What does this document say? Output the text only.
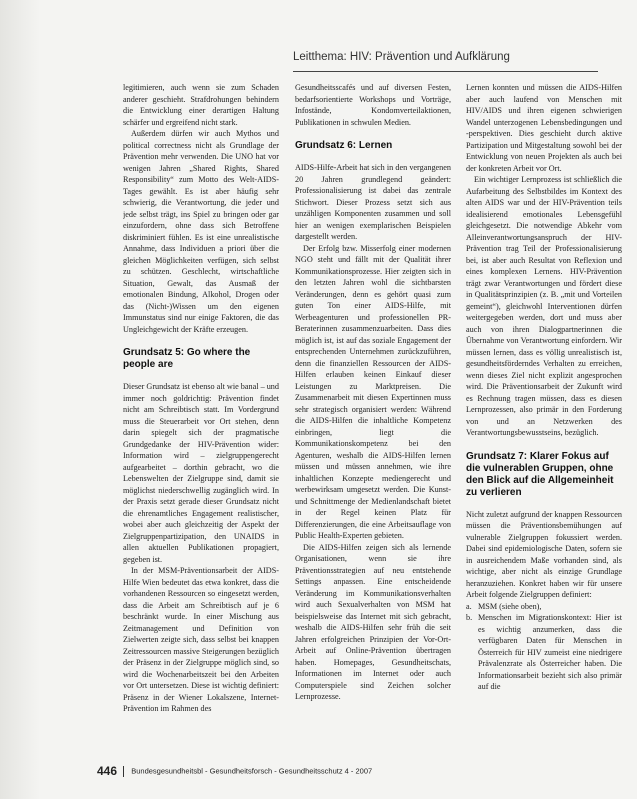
Leitthema: HIV: Prävention und Aufklärung

legitimieren, auch wenn sie zum Schaden anderer geschieht. Strafdrohungen behindern die Entwicklung einer derartigen Haltung schärfer und ergreifend nicht stark.

Außerdem dürfen wir auch Mythos und political correctness nicht als Grundlage der Prävention mehr verwenden. Die UNO hat vor wenigen Jahren „Shared Rights, Shared Responsibility“ zum Motto des Welt-AIDS-Tages gewählt. Es ist aber häufig sehr schwierig, die Verantwortung, die jeder und jede selbst trägt, ins Spiel zu bringen oder gar einzufordern, ohne dass sich Betroffene diskriminiert fühlen. Es ist eine unrealistische Annahme, dass Individuen a priori über die gleichen Möglichkeiten verfügen, sich selbst zu schützen. Geschlecht, wirtschaftliche Situation, Gewalt, das Ausmaß der emotionalen Bindung, Alkohol, Drogen oder das (Nicht-)Wissen um den eigenen Immunstatus sind nur einige Faktoren, die das Ungleichgewicht der Kräfte erzeugen.

Grundsatz 5: Go where the people are

Dieser Grundsatz ist ebenso alt wie banal – und immer noch goldrichtig: Prävention findet nicht am Schreibtisch statt. Im Vordergrund muss die Steuerarbeit vor Ort stehen, denn darin spiegelt sich der pragmatische Grundgedanke der HIV-Prävention wider: Information wird – zielgruppengerecht aufgearbeitet – dorthin gebracht, wo die Lebenswelten der Zielgruppe sind, damit sie möglichst niederschwellig zugänglich wird. In der Praxis setzt gerade dieser Grundsatz nicht die ehrenamtliches Engagement realistischer, wobei aber auch gleichzeitig der Aspekt der Zielgruppenpartizipation, den UNAIDS in allen aktuellen Publikationen propagiert, gegeben ist.

In der MSM-Präventionsarbeit der AIDS-Hilfe Wien bedeutet das etwa konkret, dass die vorhandenen Ressourcen so eingesetzt werden, dass die Arbeit am Schreibtisch auf je 6 beschränkt wurde. In einer Mischung aus Zeitmanagement und Definition von Zielwerten zeigte sich, dass selbst bei knappen Zeitressourcen massive Steigerungen bezüglich der Präsenz in der Zielgruppe möglich sind, so wird die Wochenarbeitszeit bei den Arbeiten vor Ort untersetzen. Diese ist wichtig definiert: Präsenz in der Wiener Lokalszene, Internet-Prävention im Rahmen des

Gesundheitsscafés und auf diversen Festen, bedarfsorientierte Workshops und Vorträge, Infostände, Kondomverteilaktionen, Publikationen in schwulen Medien.

Grundsatz 6: Lernen

AIDS-Hilfe-Arbeit hat sich in den vergangenen 20 Jahren grundlegend geändert: Professionalisierung ist dabei das zentrale Stichwort. Dieser Prozess setzt sich aus unzähligen Komponenten zusammen und soll hier an wenigen exemplarischen Beispielen dargestellt werden.

Der Erfolg bzw. Misserfolg einer modernen NGO steht und fällt mit der Qualität ihrer Kommunikationsprozesse. Hier zeigten sich in den letzten Jahren wohl die sichtbarsten Veränderungen, denn es gehört quasi zum guten Ton einer AIDS-Hilfe, mit Werbeagenturen und professionellen PR-Beraterinnen zusammenzuarbeiten. Dass dies möglich ist, ist auf das soziale Engagement der entsprechenden Unternehmen zurückzuführen, denn die finanziellen Ressourcen der AIDS-Hilfen erlauben keinen Einkauf dieser Leistungen zu Marktpreisen. Die Zusammenarbeit mit diesen Expertinnen muss sehr strategisch organisiert werden: Während die AIDS-Hilfen die inhaltliche Kompetenz einbringen, liegt die Kommunikationskompetenz bei den Agenturen, weshalb die AIDS-Hilfen lernen müssen und müssen annehmen, wie ihre inhaltlichen Konzepte mediengerecht und werbewirksam umgesetzt werden. Die Kunst- und Schnittmenge der Medienlandschaft bietet in der Regel keinen Platz für Differenzierungen, die eine Arbeitsauflage von Public Health-Experten gebieten.

Die AIDS-Hilfen zeigen sich als lernende Organisationen, wenn sie ihre Präventionsstrategien auf neu entstehende Settings anpassen. Eine entscheidende Veränderung im Kommunikationsverhalten wird auch Sexualverhalten von MSM hat beispielsweise das Internet mit sich gebracht, weshalb die AIDS-Hilfen sehr früh die seit Jahren erfolgreichen Prinzipien der Vor-Ort-Arbeit auf Online-Prävention übertragen haben. Homepages, Gesundheitschats, Informationen im Internet oder auch Computerspiele sind Zeichen solcher Lernprozesse.

Lernen konnten und müssen die AIDS-Hilfen aber auch laufend von Menschen mit HIV/AIDS und ihren eigenen schwierigen Wandel unterzogenen Lebensbedingungen und -perspektiven. Dies geschieht durch aktive Partizipation und Mitgestaltung sowohl bei der Entwicklung von neuen Projekten als auch bei der konkreten Arbeit vor Ort.

Ein wichtiger Lernprozess ist schließlich die Aufarbeitung des Selbstbildes im Kontext des alten AIDS war und der HIV-Prävention teils idealisierend emotionales Lebensgefühl gleichgesetzt. Die notwendige Abkehr vom Alleinverantwortungsanspruch der HIV-Prävention trag Teil der Professionalisierung bei, ist aber auch Resultat von Reflexion und eines komplexen Lernens. HIV-Prävention trägt zwar Verantwortungen und fördert diese in Qualitätsprinzipien (z. B. „mit und Vorteilen gemeint“), gleichwohl Interventionen dürfen weitergegeben werden, dort und muss aber auch von ihren Dialogpartnerinnen die Übernahme von Verantwortung einfordern. Wir müssen lernen, dass es völlig unrealistisch ist, gesundheitsförderndes Verhalten zu erreichen, wenn dieses Ziel nicht explizit angesprochen wird. Die Präventionsarbeit der Zukunft wird es Rechnung tragen müssen, dass es diesen Lernprozessen, also primär in den Forderung von und an Netzwerken des Verantwortungsbewusstseins, bezüglich.

Grundsatz 7: Klarer Fokus auf die vulnerablen Gruppen, ohne den Blick auf die Allgemeinheit zu verlieren

Nicht zuletzt aufgrund der knappen Ressourcen müssen die Präventionsbemühungen auf vulnerable Zielgruppen fokussiert werden. Dabei sind epidemiologische Daten, sofern sie in ausreichendem Maße vorhanden sind, als wichtige, aber nicht als einzige Grundlage heranzuziehen. Konkret haben wir für unsere Arbeit folgende Zielgruppen definiert:

a. MSM (siehe oben),
b. Menschen im Migrationskontext: Hier ist es wichtig anzumerken, dass die verfügbaren Daten für Menschen in Österreich für HIV zumeist eine niedrigere Prävalenzrate als Österreicher haben. Die Informationsarbeit bezieht sich also primär auf die
446 Bundesgesundheitsbl - Gesundheitsforsch - Gesundheitsschutz 4 - 2007
